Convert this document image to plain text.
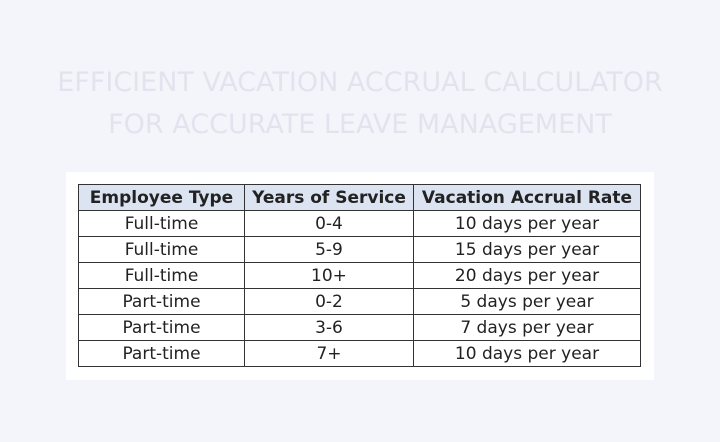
EFFICIENT VACATION ACCRUAL CALCULATOR
FOR ACCURATE LEAVE MANAGEMENT
Employee Type	Years of Service	Vacation Accrual Rate
Full-time	0-4	10 days per year
Full-time	5-9	15 days per year
Full-time	10+	20 days per year
Part-time	0-2	5 days per year
Part-time	3-6	7 days per year
Part-time	7+	10 days per year
